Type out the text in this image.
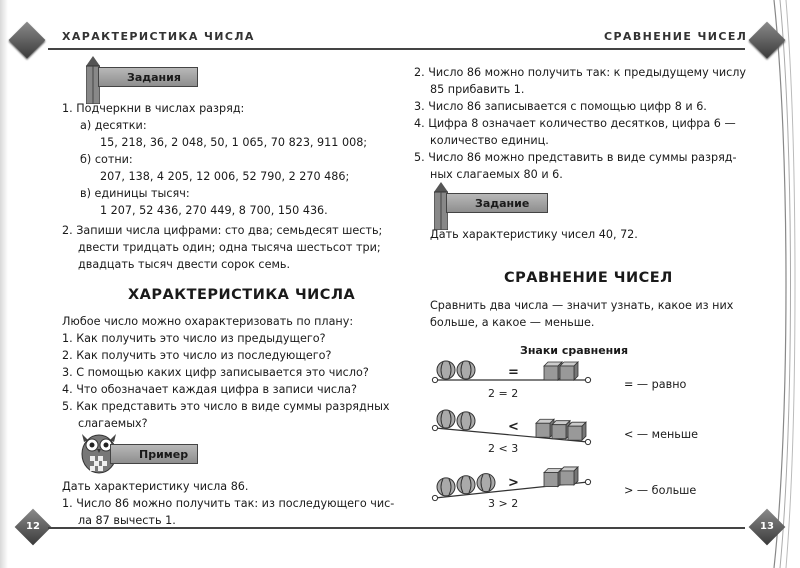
ХАРАКТЕРИСТИКА ЧИСЛА
Задания
1. Подчеркни в числах разряд:
а) десятки:
15, 218, 36, 2 048, 50, 1 065, 70 823, 911 008;
б) сотни:
207, 138, 4 205, 12 006, 52 790, 2 270 486;
в) единицы тысяч:
1 207, 52 436, 270 449, 8 700, 150 436.
2. Запиши числа цифрами: сто два; семьдесят шесть;
двести тридцать один; одна тысяча шестьсот три;
двадцать тысяч двести сорок семь.
ХАРАКТЕРИСТИКА ЧИСЛА
Любое число можно охарактеризовать по плану:
1. Как получить это число из предыдущего?
2. Как получить это число из последующего?
3. С помощью каких цифр записывается это число?
4. Что обозначает каждая цифра в записи числа?
5. Как представить это число в виде суммы разрядных
слагаемых?
Пример
Дать характеристику числа 86.
1. Число 86 можно получить так: из последующего чис-
ла 87 вычесть 1.
12
СРАВНЕНИЕ ЧИСЕЛ
2. Число 86 можно получить так: к предыдущему числу
85 прибавить 1.
3. Число 86 записывается с помощью цифр 8 и 6.
4. Цифра 8 означает количество десятков, цифра 6 —
количество единиц.
5. Число 86 можно представить в виде суммы разряд-
ных слагаемых 80 и 6.
Задание
Дать характеристику чисел 40, 72.
СРАВНЕНИЕ ЧИСЕЛ
Сравнить два числа — значит узнать, какое из них
больше, а какое — меньше.
Знаки сравнения
=
2 = 2
<
2 < 3
>
3 > 2
= — равно
< — меньше
> — больше
13
